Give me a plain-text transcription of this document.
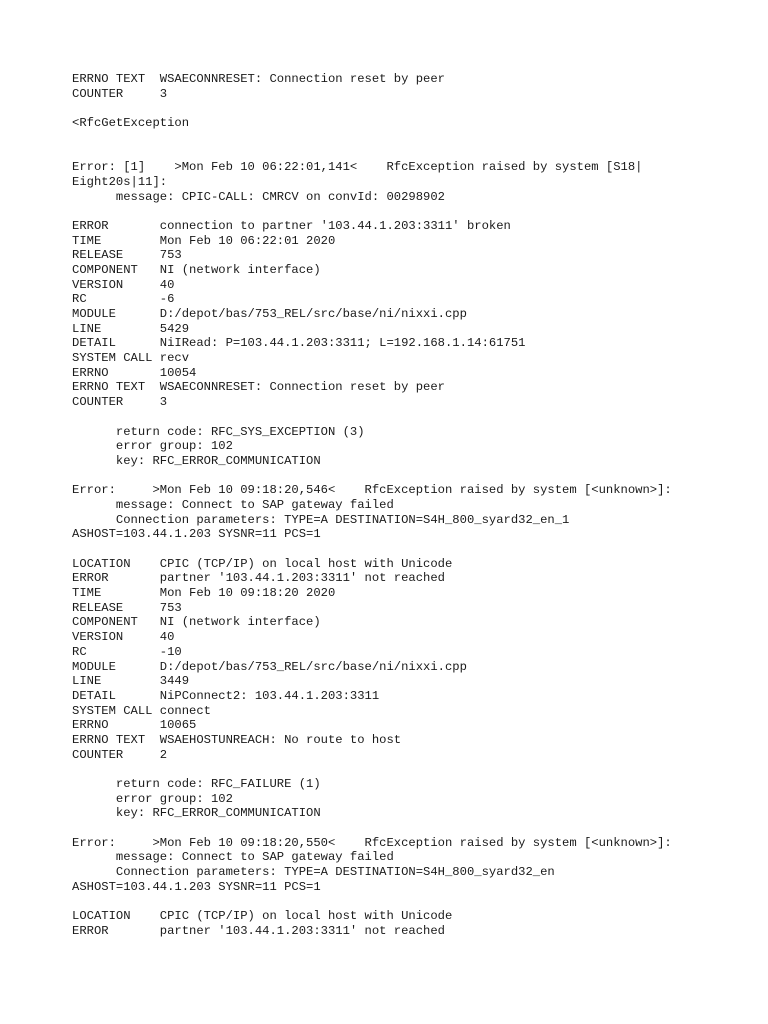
ERRNO TEXT  WSAECONNRESET: Connection reset by peer
COUNTER     3
<RfcGetException
Error: [1]    >Mon Feb 10 06:22:01,141<    RfcException raised by system [S18|
Eight20s|11]:
message: CPIC-CALL: CMRCV on convId: 00298902
ERROR       connection to partner '103.44.1.203:3311' broken
TIME        Mon Feb 10 06:22:01 2020
RELEASE     753
COMPONENT   NI (network interface)
VERSION     40
RC          -6
MODULE      D:/depot/bas/753_REL/src/base/ni/nixxi.cpp
LINE        5429
DETAIL      NiIRead: P=103.44.1.203:3311; L=192.168.1.14:61751
SYSTEM CALL recv
ERRNO       10054
ERRNO TEXT  WSAECONNRESET: Connection reset by peer
COUNTER     3
return code: RFC_SYS_EXCEPTION (3)
error group: 102
key: RFC_ERROR_COMMUNICATION
Error:     >Mon Feb 10 09:18:20,546<    RfcException raised by system [<unknown>]:
message: Connect to SAP gateway failed
Connection parameters: TYPE=A DESTINATION=S4H_800_syard32_en_1
ASHOST=103.44.1.203 SYSNR=11 PCS=1
LOCATION    CPIC (TCP/IP) on local host with Unicode
ERROR       partner '103.44.1.203:3311' not reached
TIME        Mon Feb 10 09:18:20 2020
RELEASE     753
COMPONENT   NI (network interface)
VERSION     40
RC          -10
MODULE      D:/depot/bas/753_REL/src/base/ni/nixxi.cpp
LINE        3449
DETAIL      NiPConnect2: 103.44.1.203:3311
SYSTEM CALL connect
ERRNO       10065
ERRNO TEXT  WSAEHOSTUNREACH: No route to host
COUNTER     2
return code: RFC_FAILURE (1)
error group: 102
key: RFC_ERROR_COMMUNICATION
Error:     >Mon Feb 10 09:18:20,550<    RfcException raised by system [<unknown>]:
message: Connect to SAP gateway failed
Connection parameters: TYPE=A DESTINATION=S4H_800_syard32_en
ASHOST=103.44.1.203 SYSNR=11 PCS=1
LOCATION    CPIC (TCP/IP) on local host with Unicode
ERROR       partner '103.44.1.203:3311' not reached
